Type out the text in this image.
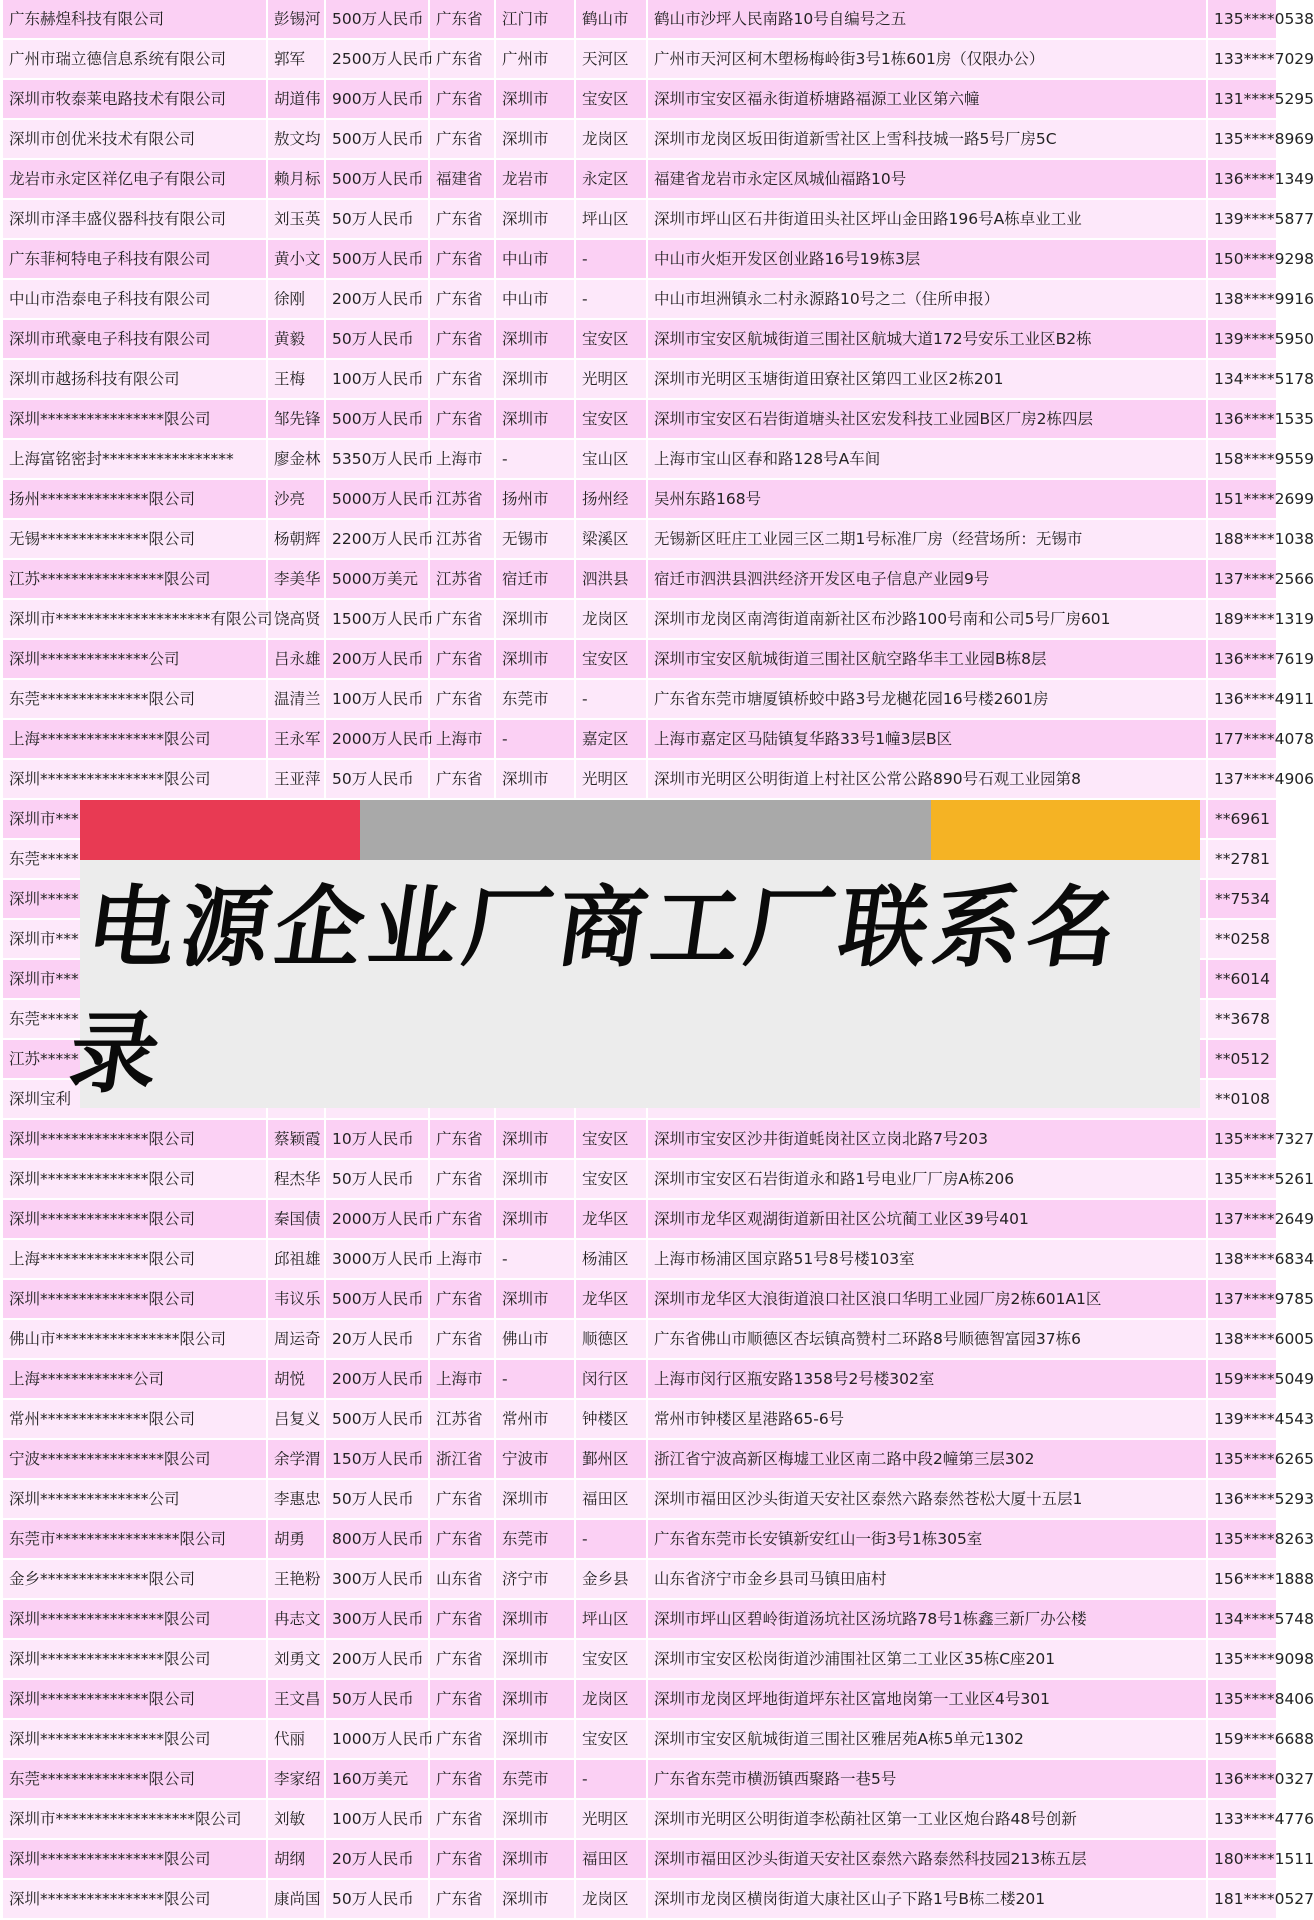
广东赫煌科技有限公司	彭锡河	500万人民币	广东省	江门市	鹤山市	鹤山市沙坪人民南路10号自编号之五	135****0538
广州市瑞立德信息系统有限公司	郭军	2500万人民币	广东省	广州市	天河区	广州市天河区柯木塱杨梅岭街3号1栋601房（仅限办公）	133****7029
深圳市牧泰莱电路技术有限公司	胡道伟	900万人民币	广东省	深圳市	宝安区	深圳市宝安区福永街道桥塘路福源工业区第六幢	131****5295
深圳市创优米技术有限公司	敖文均	500万人民币	广东省	深圳市	龙岗区	深圳市龙岗区坂田街道新雪社区上雪科技城一路5号厂房5C	135****8969
龙岩市永定区祥亿电子有限公司	赖月标	500万人民币	福建省	龙岩市	永定区	福建省龙岩市永定区凤城仙福路10号	136****1349
深圳市泽丰盛仪器科技有限公司	刘玉英	50万人民币	广东省	深圳市	坪山区	深圳市坪山区石井街道田头社区坪山金田路196号A栋卓业工业	139****5877
广东菲柯特电子科技有限公司	黄小文	500万人民币	广东省	中山市	-	中山市火炬开发区创业路16号19栋3层	150****9298
中山市浩泰电子科技有限公司	徐刚	200万人民币	广东省	中山市	-	中山市坦洲镇永二村永源路10号之二（住所申报）	138****9916
深圳市玳豪电子科技有限公司	黄毅	50万人民币	广东省	深圳市	宝安区	深圳市宝安区航城街道三围社区航城大道172号安乐工业区B2栋	139****5950
深圳市越扬科技有限公司	王梅	100万人民币	广东省	深圳市	光明区	深圳市光明区玉塘街道田寮社区第四工业区2栋201	134****5178
深圳****************限公司	邹先锋	500万人民币	广东省	深圳市	宝安区	深圳市宝安区石岩街道塘头社区宏发科技工业园B区厂房2栋四层	136****1535
上海富铭密封*****************	廖金林	5350万人民币	上海市	-	宝山区	上海市宝山区春和路128号A车间	158****9559
扬州**************限公司	沙亮	5000万人民币	江苏省	扬州市	扬州经	吴州东路168号	151****2699
无锡**************限公司	杨朝辉	2200万人民币	江苏省	无锡市	梁溪区	无锡新区旺庄工业园三区二期1号标准厂房（经营场所：无锡市	188****1038
江苏****************限公司	李美华	5000万美元	江苏省	宿迁市	泗洪县	宿迁市泗洪县泗洪经济开发区电子信息产业园9号	137****2566
深圳市********************有限公司	饶高贤	1500万人民币	广东省	深圳市	龙岗区	深圳市龙岗区南湾街道南新社区布沙路100号南和公司5号厂房601	189****1319
深圳**************公司	吕永雄	200万人民币	广东省	深圳市	宝安区	深圳市宝安区航城街道三围社区航空路华丰工业园B栋8层	136****7619
东莞**************限公司	温清兰	100万人民币	广东省	东莞市	-	广东省东莞市塘厦镇桥蛟中路3号龙樾花园16号楼2601房	136****4911
上海****************限公司	王永军	2000万人民币	上海市	-	嘉定区	上海市嘉定区马陆镇复华路33号1幢3层B区	177****4078
深圳****************限公司	王亚萍	50万人民币	广东省	深圳市	光明区	深圳市光明区公明街道上村社区公常公路890号石观工业园第8	137****4906
深圳市***							**6961
东莞*****							**2781
深圳*****							**7534
深圳市***							**0258
深圳市***							**6014
东莞*****							**3678
江苏*****							**0512
深圳宝利							**0108
深圳**************限公司	蔡颖霞	10万人民币	广东省	深圳市	宝安区	深圳市宝安区沙井街道蚝岗社区立岗北路7号203	135****7327
深圳**************限公司	程杰华	50万人民币	广东省	深圳市	宝安区	深圳市宝安区石岩街道永和路1号电业厂厂房A栋206	135****5261
深圳**************限公司	秦国债	2000万人民币	广东省	深圳市	龙华区	深圳市龙华区观湖街道新田社区公坑蔺工业区39号401	137****2649
上海**************限公司	邱祖雄	3000万人民币	上海市	-	杨浦区	上海市杨浦区国京路51号8号楼103室	138****6834
深圳**************限公司	韦议乐	500万人民币	广东省	深圳市	龙华区	深圳市龙华区大浪街道浪口社区浪口华明工业园厂房2栋601A1区	137****9785
佛山市****************限公司	周运奇	20万人民币	广东省	佛山市	顺德区	广东省佛山市顺德区杏坛镇高赞村二环路8号顺德智富园37栋6	138****6005
上海************公司	胡悦	200万人民币	上海市	-	闵行区	上海市闵行区瓶安路1358号2号楼302室	159****5049
常州**************限公司	吕复义	500万人民币	江苏省	常州市	钟楼区	常州市钟楼区星港路65-6号	139****4543
宁波****************限公司	余学渭	150万人民币	浙江省	宁波市	鄞州区	浙江省宁波高新区梅墟工业区南二路中段2幢第三层302	135****6265
深圳**************公司	李惠忠	50万人民币	广东省	深圳市	福田区	深圳市福田区沙头街道天安社区泰然六路泰然苍松大厦十五层1	136****5293
东莞市****************限公司	胡勇	800万人民币	广东省	东莞市	-	广东省东莞市长安镇新安红山一街3号1栋305室	135****8263
金乡**************限公司	王艳粉	300万人民币	山东省	济宁市	金乡县	山东省济宁市金乡县司马镇田庙村	156****1888
深圳****************限公司	冉志文	300万人民币	广东省	深圳市	坪山区	深圳市坪山区碧岭街道汤坑社区汤坑路78号1栋鑫三新厂办公楼	134****5748
深圳****************限公司	刘勇文	200万人民币	广东省	深圳市	宝安区	深圳市宝安区松岗街道沙浦围社区第二工业区35栋C座201	135****9098
深圳**************限公司	王文昌	50万人民币	广东省	深圳市	龙岗区	深圳市龙岗区坪地街道坪东社区富地岗第一工业区4号301	135****8406
深圳****************限公司	代丽	1000万人民币	广东省	深圳市	宝安区	深圳市宝安区航城街道三围社区雅居苑A栋5单元1302	159****6688
东莞**************限公司	李家绍	160万美元	广东省	东莞市	-	广东省东莞市横沥镇西聚路一巷5号	136****0327
深圳市******************限公司	刘敏	100万人民币	广东省	深圳市	光明区	深圳市光明区公明街道李松蓢社区第一工业区炮台路48号创新	133****4776
深圳****************限公司	胡纲	20万人民币	广东省	深圳市	福田区	深圳市福田区沙头街道天安社区泰然六路泰然科技园213栋五层	180****1511
深圳****************限公司	康尚国	50万人民币	广东省	深圳市	龙岗区	深圳市龙岗区横岗街道大康社区山子下路1号B栋二楼201	181****0527
电源企业厂商工厂联系名录
